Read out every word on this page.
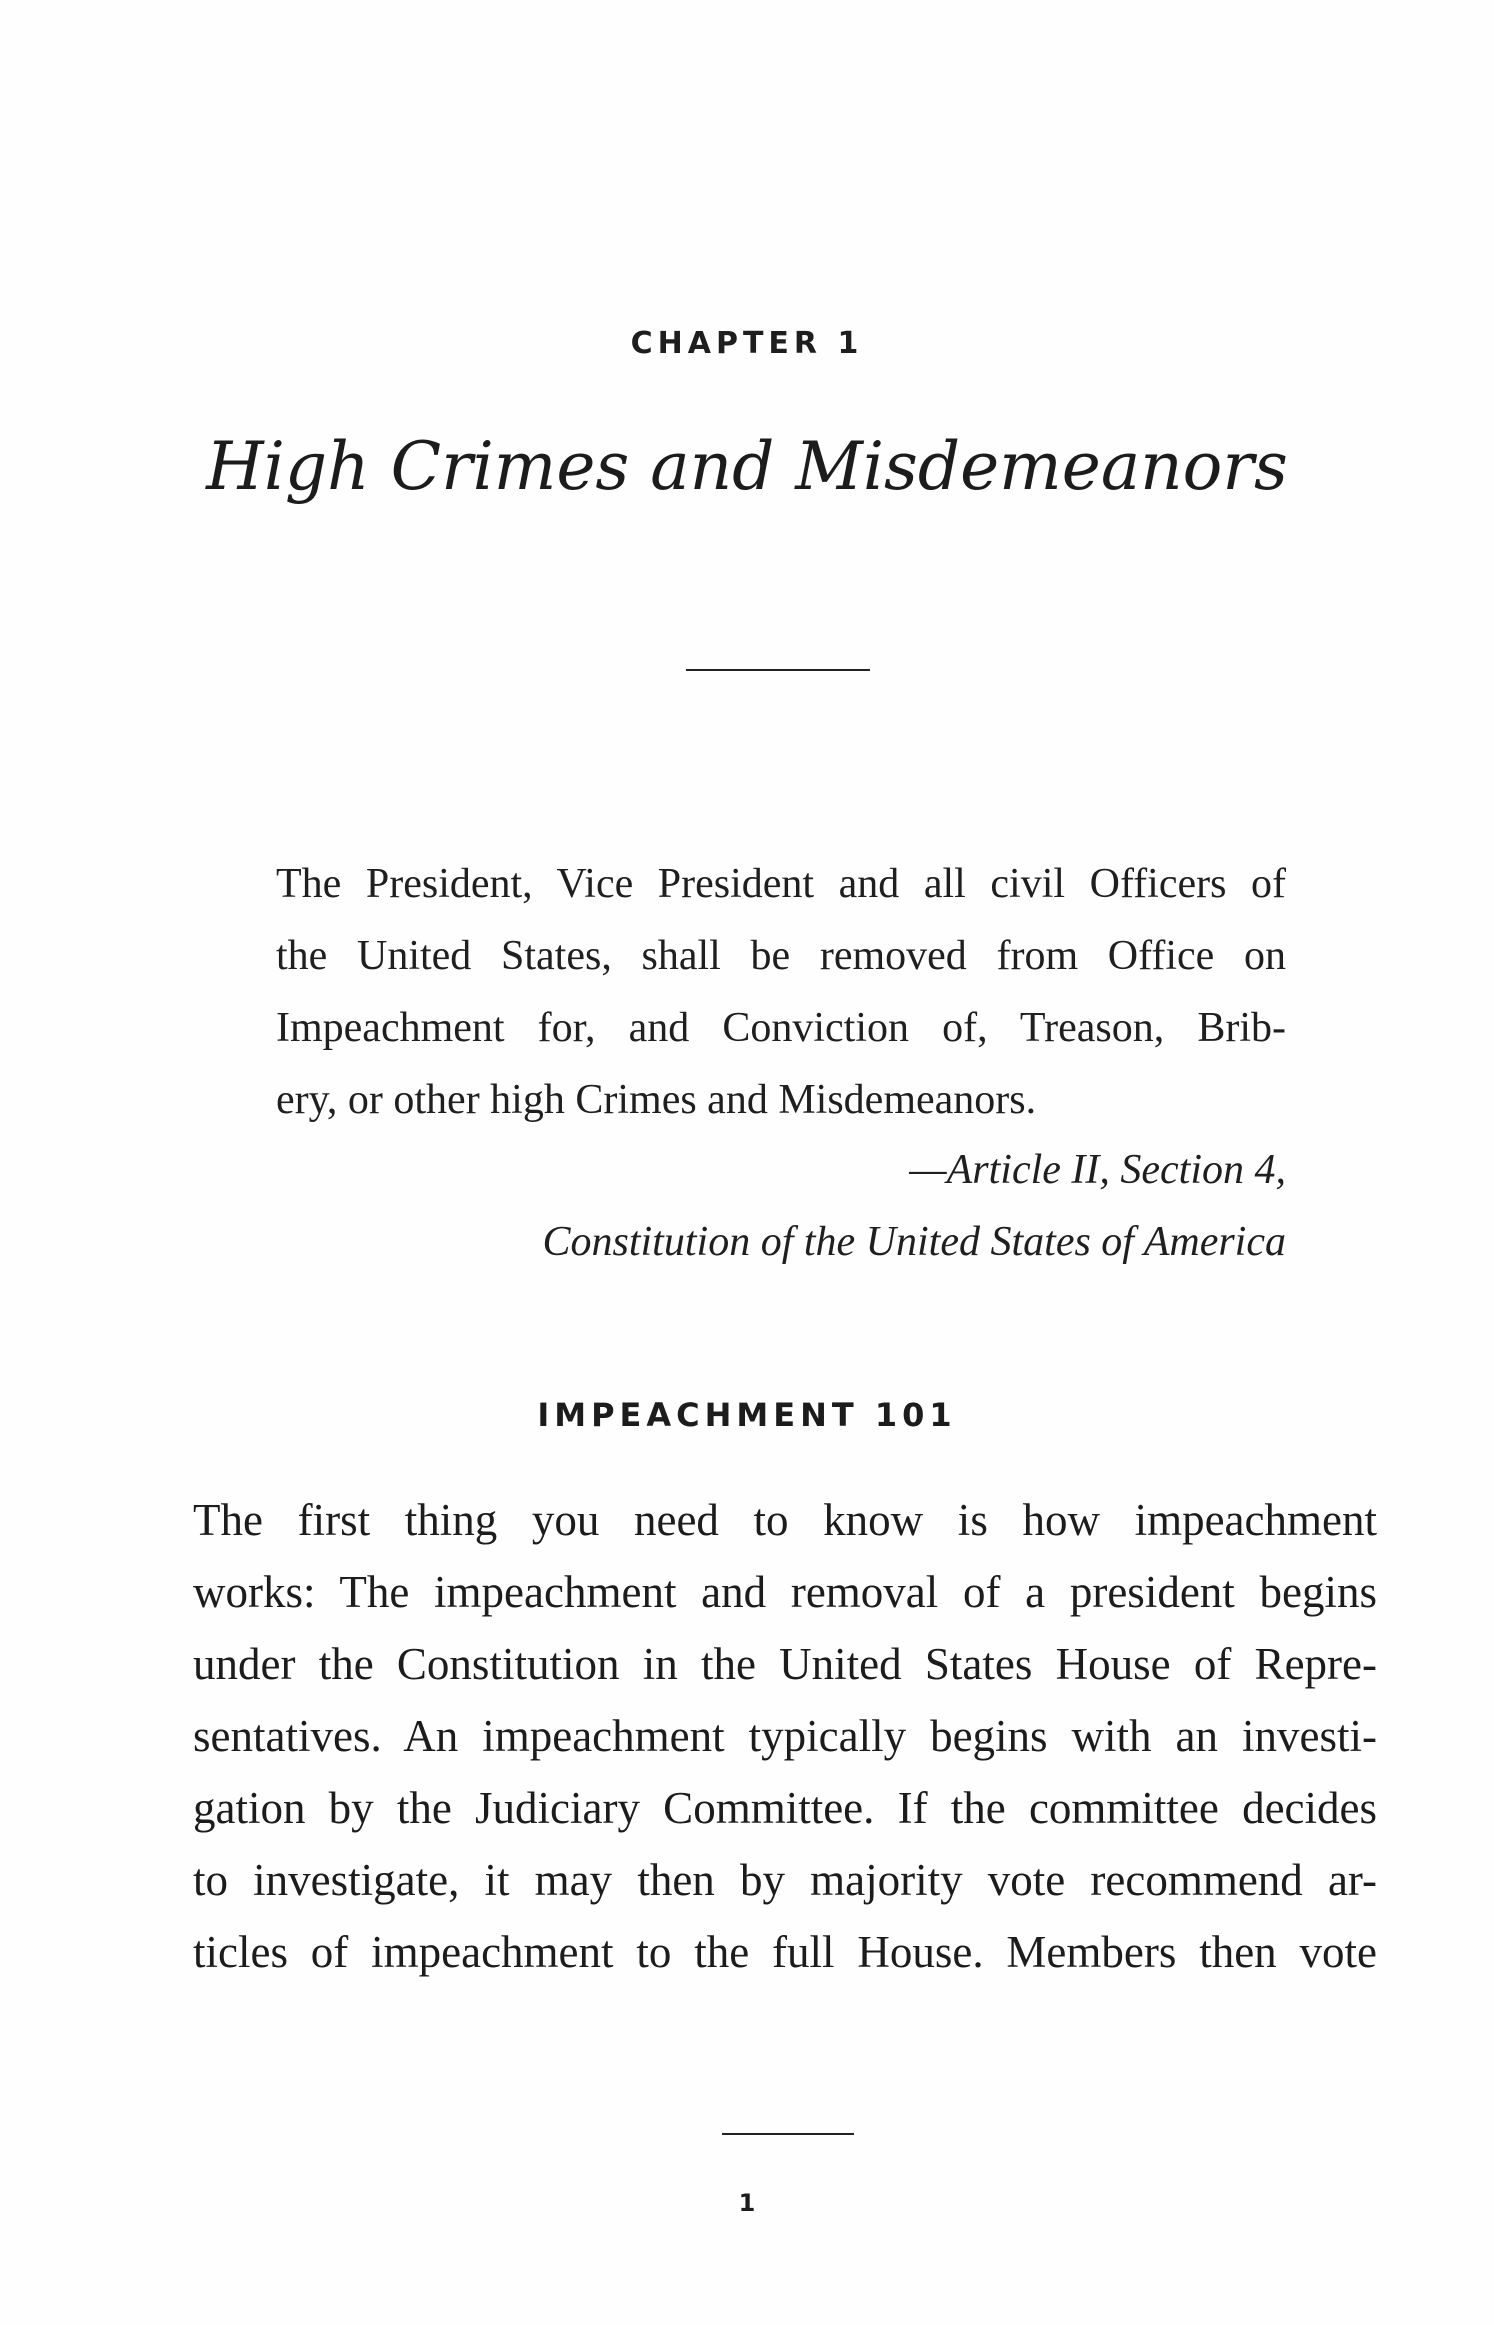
CHAPTER 1
High Crimes and Misdemeanors
The President, Vice President and all civil Officers of
the United States, shall be removed from Office on
Impeachment for, and Conviction of, Treason, Brib-
ery, or other high Crimes and Misdemeanors.
—Article II, Section 4,
Constitution of the United States of America
IMPEACHMENT 101
The first thing you need to know is how impeachment
works: The impeachment and removal of a president begins
under the Constitution in the United States House of Repre-
sentatives. An impeachment typically begins with an investi-
gation by the Judiciary Committee. If the committee decides
to investigate, it may then by majority vote recommend ar-
ticles of impeachment to the full House. Members then vote
1
